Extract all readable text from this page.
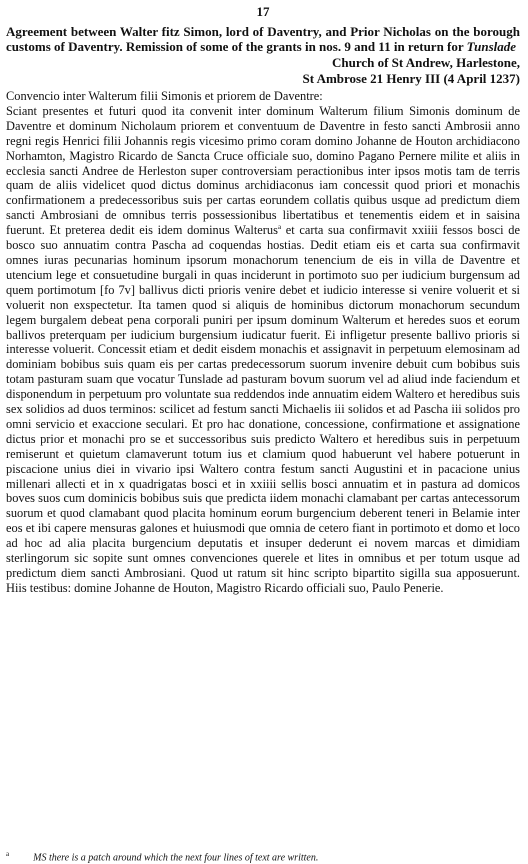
17

Agreement between Walter fitz Simon, lord of Daventry, and Prior Nicholas on the borough customs of Daventry. Remission of some of the grants in nos. 9 and 11 in return for Tunslade

Church of St Andrew, Harlestone,
St Ambrose 21 Henry III (4 April 1237)

Convencio inter Walterum filii Simonis et priorem de Daventre:

Sciant presentes et futuri quod ita convenit inter dominum Walterum filium Simonis dominum de Daventre et dominum Nicholaum priorem et conventuum de Daventre in festo sancti Ambrosii anno regni regis Henrici filii Johannis regis vicesimo primo coram domino Johanne de Houton archidiacono Norhamton, Magistro Ricardo de Sancta Cruce officiale suo, domino Pagano Pernere milite et aliis in ecclesia sancti Andree de Herleston super controversiam peractionibus inter ipsos motis tam de terris quam de aliis videlicet quod dictus dominus archidiaconus iam concessit quod priori et monachis confirmationem a predecessoribus suis per cartas eorundem collatis quibus usque ad predictum diem sancti Ambrosiani de omnibus terris possessionibus libertatibus et tenementis eidem et in saisina fuerunt. Et preterea dedit eis idem dominus Walterus$^a$ et carta sua confirmavit xxiiii fessos bosci de bosco suo annuatim contra Pascha ad coquendas hostias. Dedit etiam eis et carta sua confirmavit omnes iuras pecunarias hominum ipsorum monachorum tenencium de eis in villa de Daventre et utencium lege et consuetudine burgali in quas inciderunt in portimoto suo per iudicium burgensum ad quem portimotum [fo 7v] ballivus dicti prioris venire debet et iudicio interesse si venire voluerit et si voluerit non exspectetur. Ita tamen quod si aliquis de hominibus dictorum monachorum secundum legem burgalem debeat pena corporali puniri per ipsum dominum Walterum et heredes suos et eorum ballivos preterquam per iudicium burgensium iudicatur fuerit. Ei infligetur presente ballivo prioris si interesse voluerit. Concessit etiam et dedit eisdem monachis et assignavit in perpetuum elemosinam ad dominiam bobibus suis quam eis per cartas predecessorum suorum invenire debuit cum bobibus suis totam pasturam suam que vocatur Tunslade ad pasturam bovum suorum vel ad aliud inde faciendum et disponendum in perpetuum pro voluntate sua reddendos inde annuatim eidem Waltero et heredibus suis sex solidios ad duos terminos: scilicet ad festum sancti Michaelis iii solidos et ad Pascha iii solidos pro omni servicio et exaccione seculari. Et pro hac donatione, concessione, confirmatione et assignatione dictus prior et monachi pro se et successoribus suis predicto Waltero et heredibus suis in perpetuum remiserunt et quietum clamaverunt totum ius et clamium quod habuerunt vel habere potuerunt in piscacione unius diei in vivario ipsi Waltero contra festum sancti Augustini et in pacacione unius millenari allecti et in x quadrigatas bosci et in xxiiii sellis bosci annuatim et in pastura ad domicos boves suos cum dominicis bobibus suis que predicta iidem monachi clamabant per cartas antecessorum suorum et quod clamabant quod placita hominum eorum burgencium deberent teneri in Belamie inter eos et ibi capere mensuras galones et huiusmodi que omnia de cetero fiant in portimoto et domo et loco ad hoc ad alia placita burgencium deputatis et insuper dederunt ei novem marcas et dimidiam sterlingorum sic sopite sunt omnes convenciones querele et lites in omnibus et per totum usque ad predictum diem sancti Ambrosiani. Quod ut ratum sit hinc scripto bipartito sigilla sua apposuerunt. Hiis testibus: domine Johanne de Houton, Magistro Ricardo officiali suo, Paulo Penerie.

$^a$ MS there is a patch around which the next four lines of text are written.
